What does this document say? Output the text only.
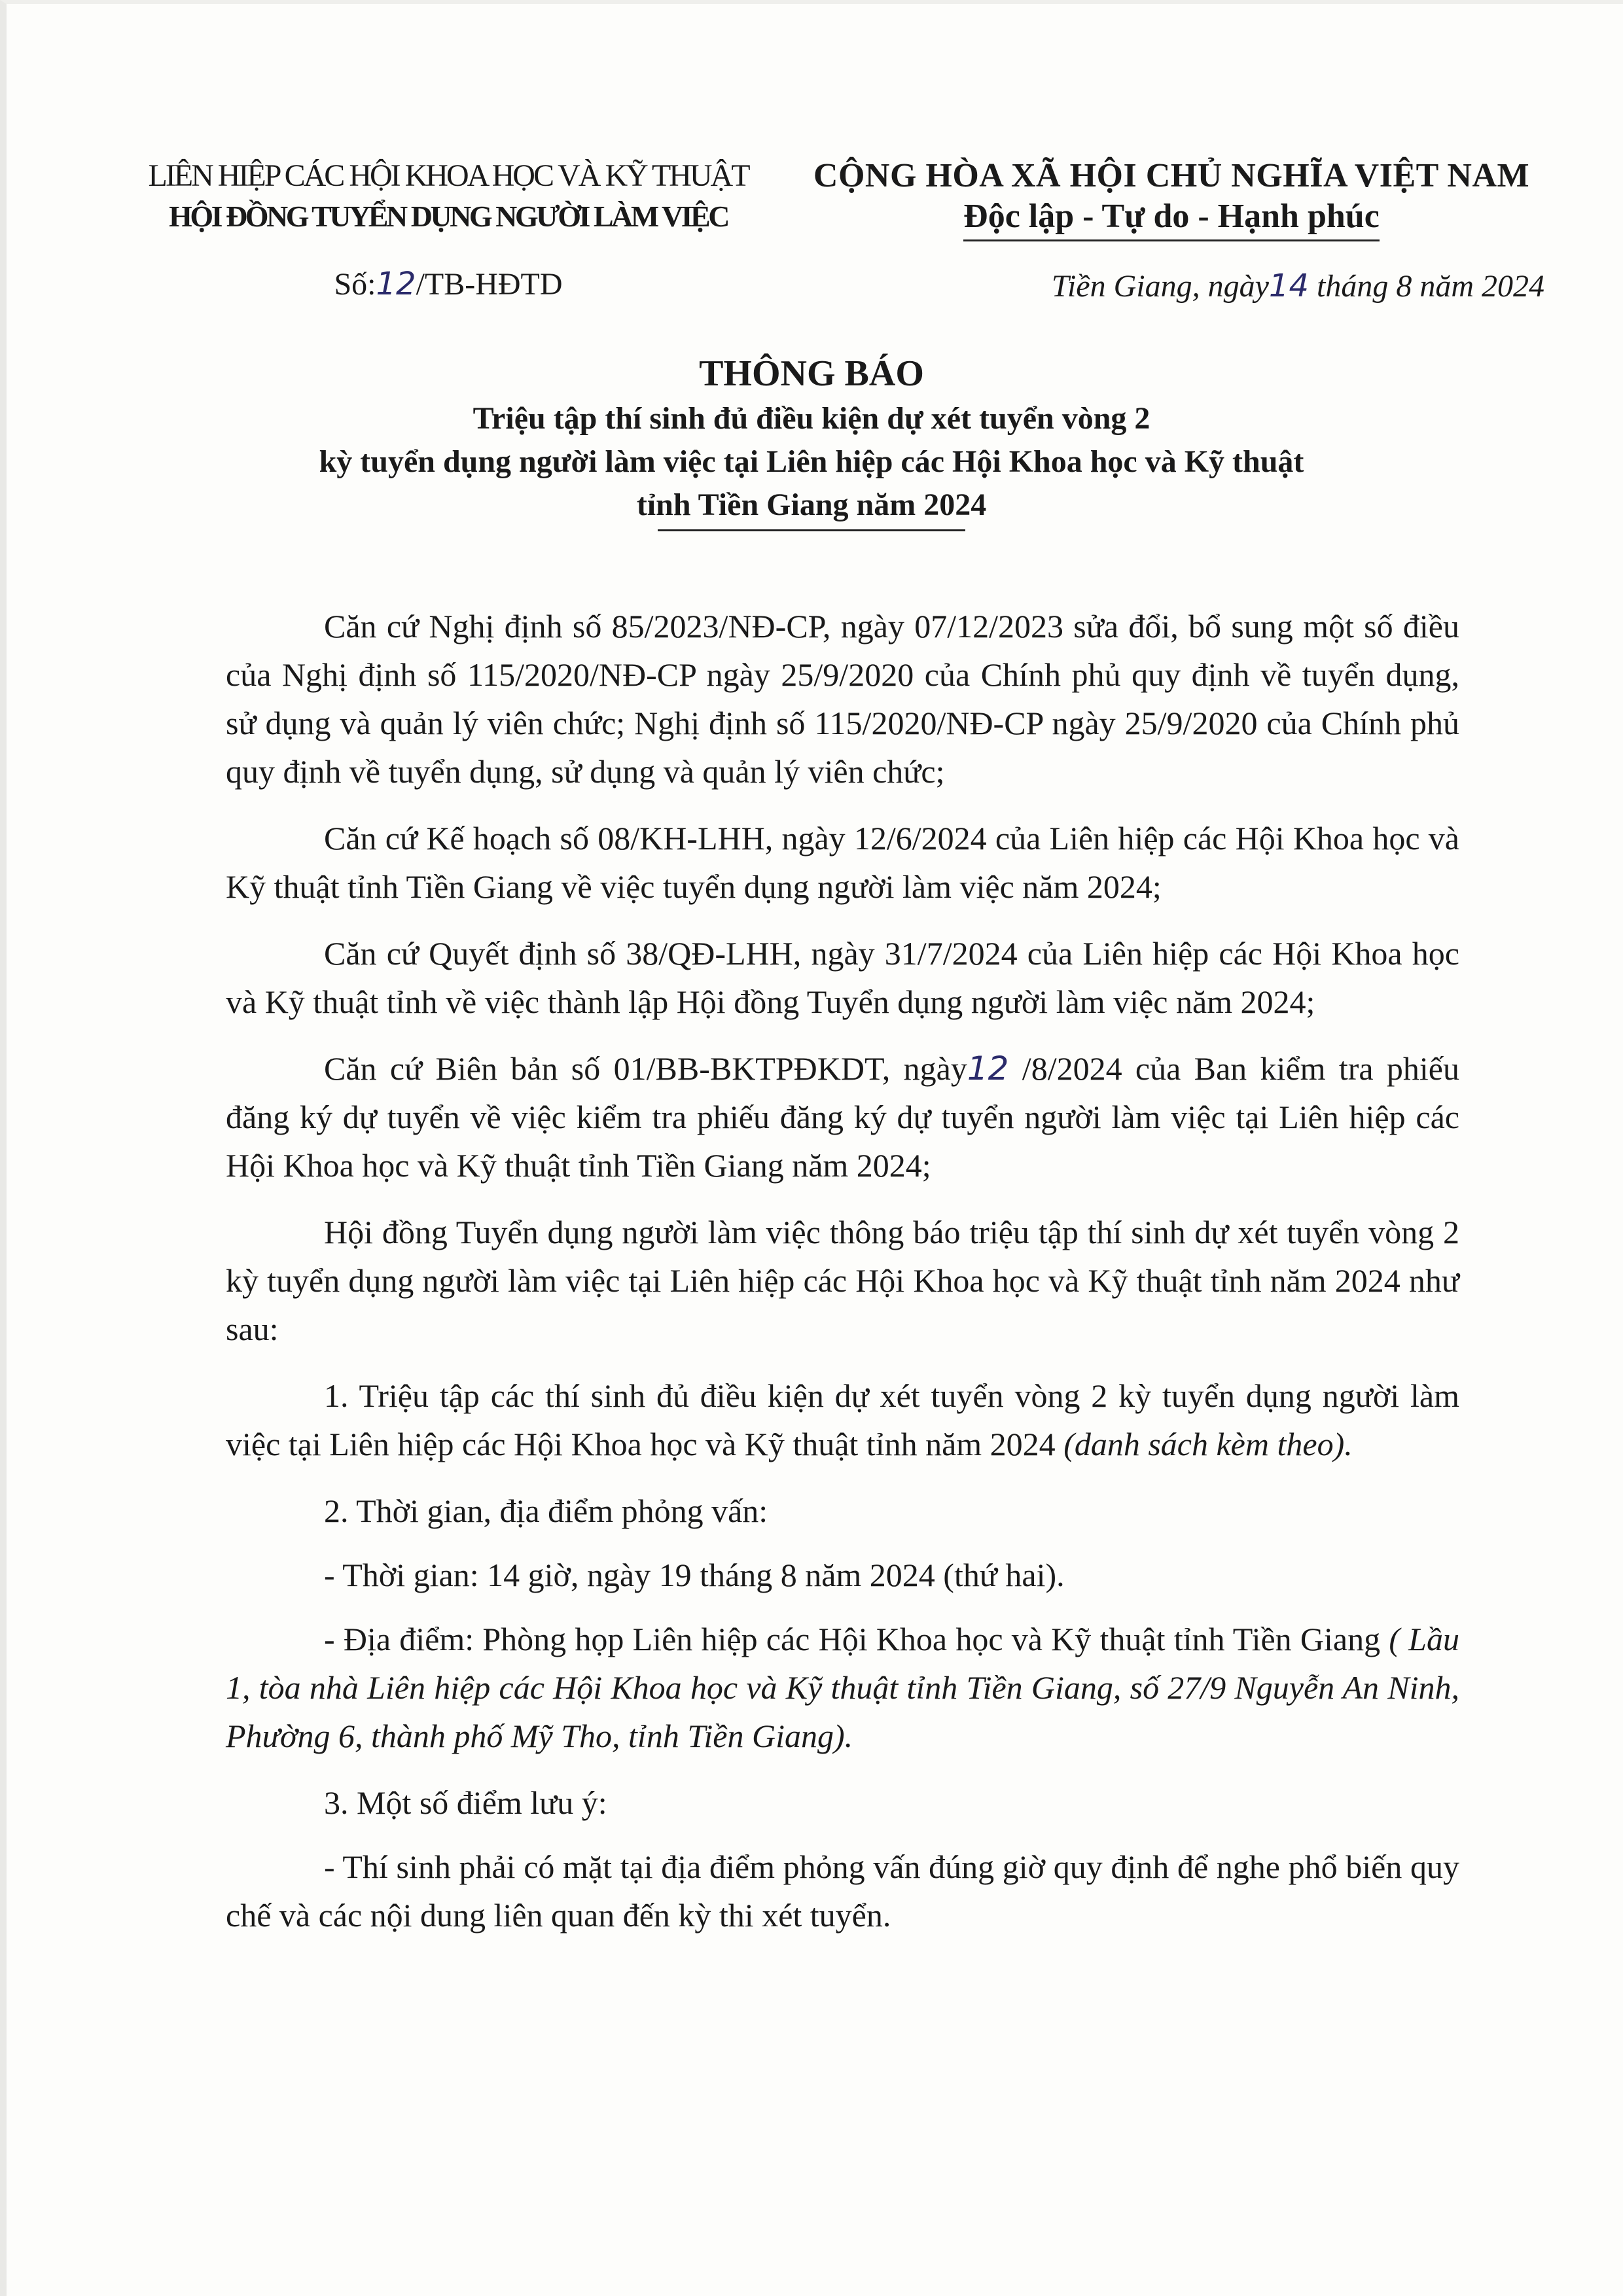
LIÊN HIỆP CÁC HỘI KHOA HỌC VÀ KỸ THUẬT
HỘI ĐỒNG TUYỂN DỤNG NGƯỜI LÀM VIỆC
Số:12/TB-HĐTD
CỘNG HÒA XÃ HỘI CHỦ NGHĨA VIỆT NAM
Độc lập - Tự do - Hạnh phúc
Tiền Giang, ngày14 tháng 8 năm 2024
THÔNG BÁO
Triệu tập thí sinh đủ điều kiện dự xét tuyển vòng 2
kỳ tuyển dụng người làm việc tại Liên hiệp các Hội Khoa học và Kỹ thuật
tỉnh Tiền Giang năm 2024

Căn cứ Nghị định số 85/2023/NĐ-CP, ngày 07/12/2023 sửa đổi, bổ sung một số điều của Nghị định số 115/2020/NĐ-CP ngày 25/9/2020 của Chính phủ quy định về tuyển dụng, sử dụng và quản lý viên chức; Nghị định số 115/2020/NĐ-CP ngày 25/9/2020 của Chính phủ quy định về tuyển dụng, sử dụng và quản lý viên chức;

Căn cứ Kế hoạch số 08/KH-LHH, ngày 12/6/2024 của Liên hiệp các Hội Khoa học và Kỹ thuật tỉnh Tiền Giang về việc tuyển dụng người làm việc năm 2024;

Căn cứ Quyết định số 38/QĐ-LHH, ngày 31/7/2024 của Liên hiệp các Hội Khoa học và Kỹ thuật tỉnh về việc thành lập Hội đồng Tuyển dụng người làm việc năm 2024;

Căn cứ Biên bản số 01/BB-BKTPĐKDT, ngày12 /8/2024 của Ban kiểm tra phiếu đăng ký dự tuyển về việc kiểm tra phiếu đăng ký dự tuyển người làm việc tại Liên hiệp các Hội Khoa học và Kỹ thuật tỉnh Tiền Giang năm 2024;

Hội đồng Tuyển dụng người làm việc thông báo triệu tập thí sinh dự xét tuyển vòng 2 kỳ tuyển dụng người làm việc tại Liên hiệp các Hội Khoa học và Kỹ thuật tỉnh năm 2024 như sau:

1. Triệu tập các thí sinh đủ điều kiện dự xét tuyển vòng 2 kỳ tuyển dụng người làm việc tại Liên hiệp các Hội Khoa học và Kỹ thuật tỉnh năm 2024 (danh sách kèm theo).

2. Thời gian, địa điểm phỏng vấn:

- Thời gian: 14 giờ, ngày 19 tháng 8 năm 2024 (thứ hai).

- Địa điểm: Phòng họp Liên hiệp các Hội Khoa học và Kỹ thuật tỉnh Tiền Giang ( Lầu 1, tòa nhà Liên hiệp các Hội Khoa học và Kỹ thuật tỉnh Tiền Giang, số 27/9 Nguyễn An Ninh, Phường 6, thành phố Mỹ Tho, tỉnh Tiền Giang).

3. Một số điểm lưu ý:

- Thí sinh phải có mặt tại địa điểm phỏng vấn đúng giờ quy định để nghe phổ biến quy chế và các nội dung liên quan đến kỳ thi xét tuyển.
